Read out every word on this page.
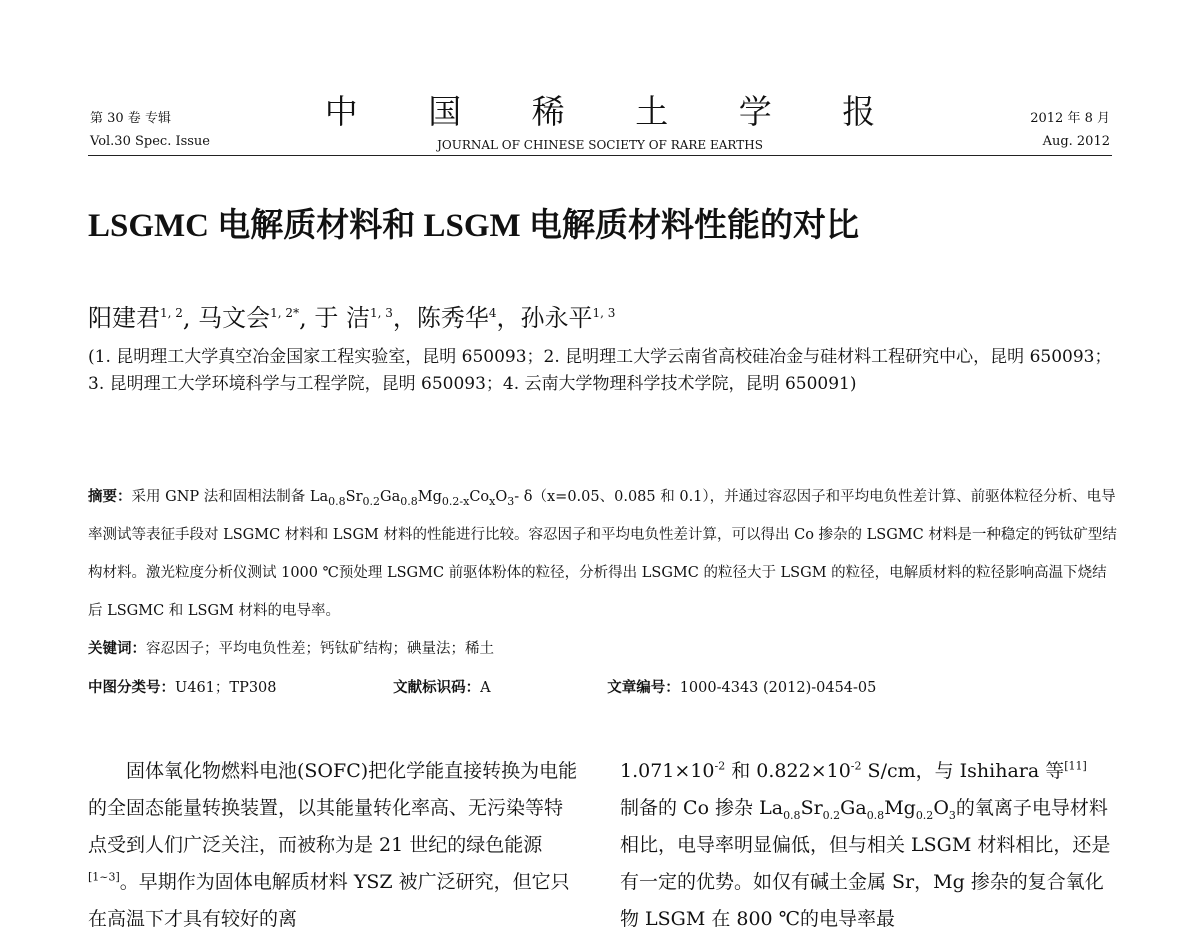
第 30 卷 专辑
Vol.30 Spec. Issue
中 国 稀 土 学 报
JOURNAL OF CHINESE SOCIETY OF RARE EARTHS
2012 年 8 月
Aug. 2012
LSGMC 电解质材料和 LSGM 电解质材料性能的对比
阳建君$^{1, 2}$, 马文会$^{1, 2*}$, 于 洁$^{1, 3}$，陈秀华$^4$，孙永平$^{1, 3}$
(1. 昆明理工大学真空冶金国家工程实验室，昆明 650093；2. 昆明理工大学云南省高校硅冶金与硅材料工程研究中心，昆明 650093；3. 昆明理工大学环境科学与工程学院，昆明 650093；4. 云南大学物理科学技术学院，昆明 650091)
摘要：采用 GNP 法和固相法制备 $La_{0.8}Sr_{0.2}Ga_{0.8}Mg_{0.2-x}Co_xO_3-$ δ（x=0.05、0.085 和 0.1），并通过容忍因子和平均电负性差计算、前驱体粒径分析、电导率测试等表征手段对 LSGMC 材料和 LSGM 材料的性能进行比较。容忍因子和平均电负性差计算，可以得出 Co 掺杂的 LSGMC 材料是一种稳定的钙钛矿型结构材料。激光粒度分析仪测试 1000 ℃预处理 LSGMC 前驱体粉体的粒径，分析得出 LSGMC 的粒径大于 LSGM 的粒径，电解质材料的粒径影响高温下烧结后 LSGMC 和 LSGM 材料的电导率。
关键词：容忍因子；平均电负性差；钙钛矿结构；碘量法；稀土
中图分类号：U461；TP308	文献标识码：A	文章编号：1000-4343 (2012)-0454-05
固体氧化物燃料电池(SOFC)把化学能直接转换为电能的全固态能量转换装置，以其能量转化率高、无污染等特点受到人们广泛关注，而被称为是 21 世纪的绿色能源[1~3]。早期作为固体电解质材料 YSZ 被广泛研究，但它只在高温下才具有较好的离
$1.071\times 10^{-2}$ 和 $0.822\times 10^{-2}$ S/cm，与 Ishihara 等[11]
制备的 Co 掺杂 $La_{0.8}Sr_{0.2}Ga_{0.8}Mg_{0.2}O_3$的氧离子电导材料相比，电导率明显偏低，但与相关 LSGM 材料相比，还是有一定的优势。如仅有碱土金属 Sr，Mg 掺杂的复合氧化物 LSGM 在 800 ℃的电导率最
